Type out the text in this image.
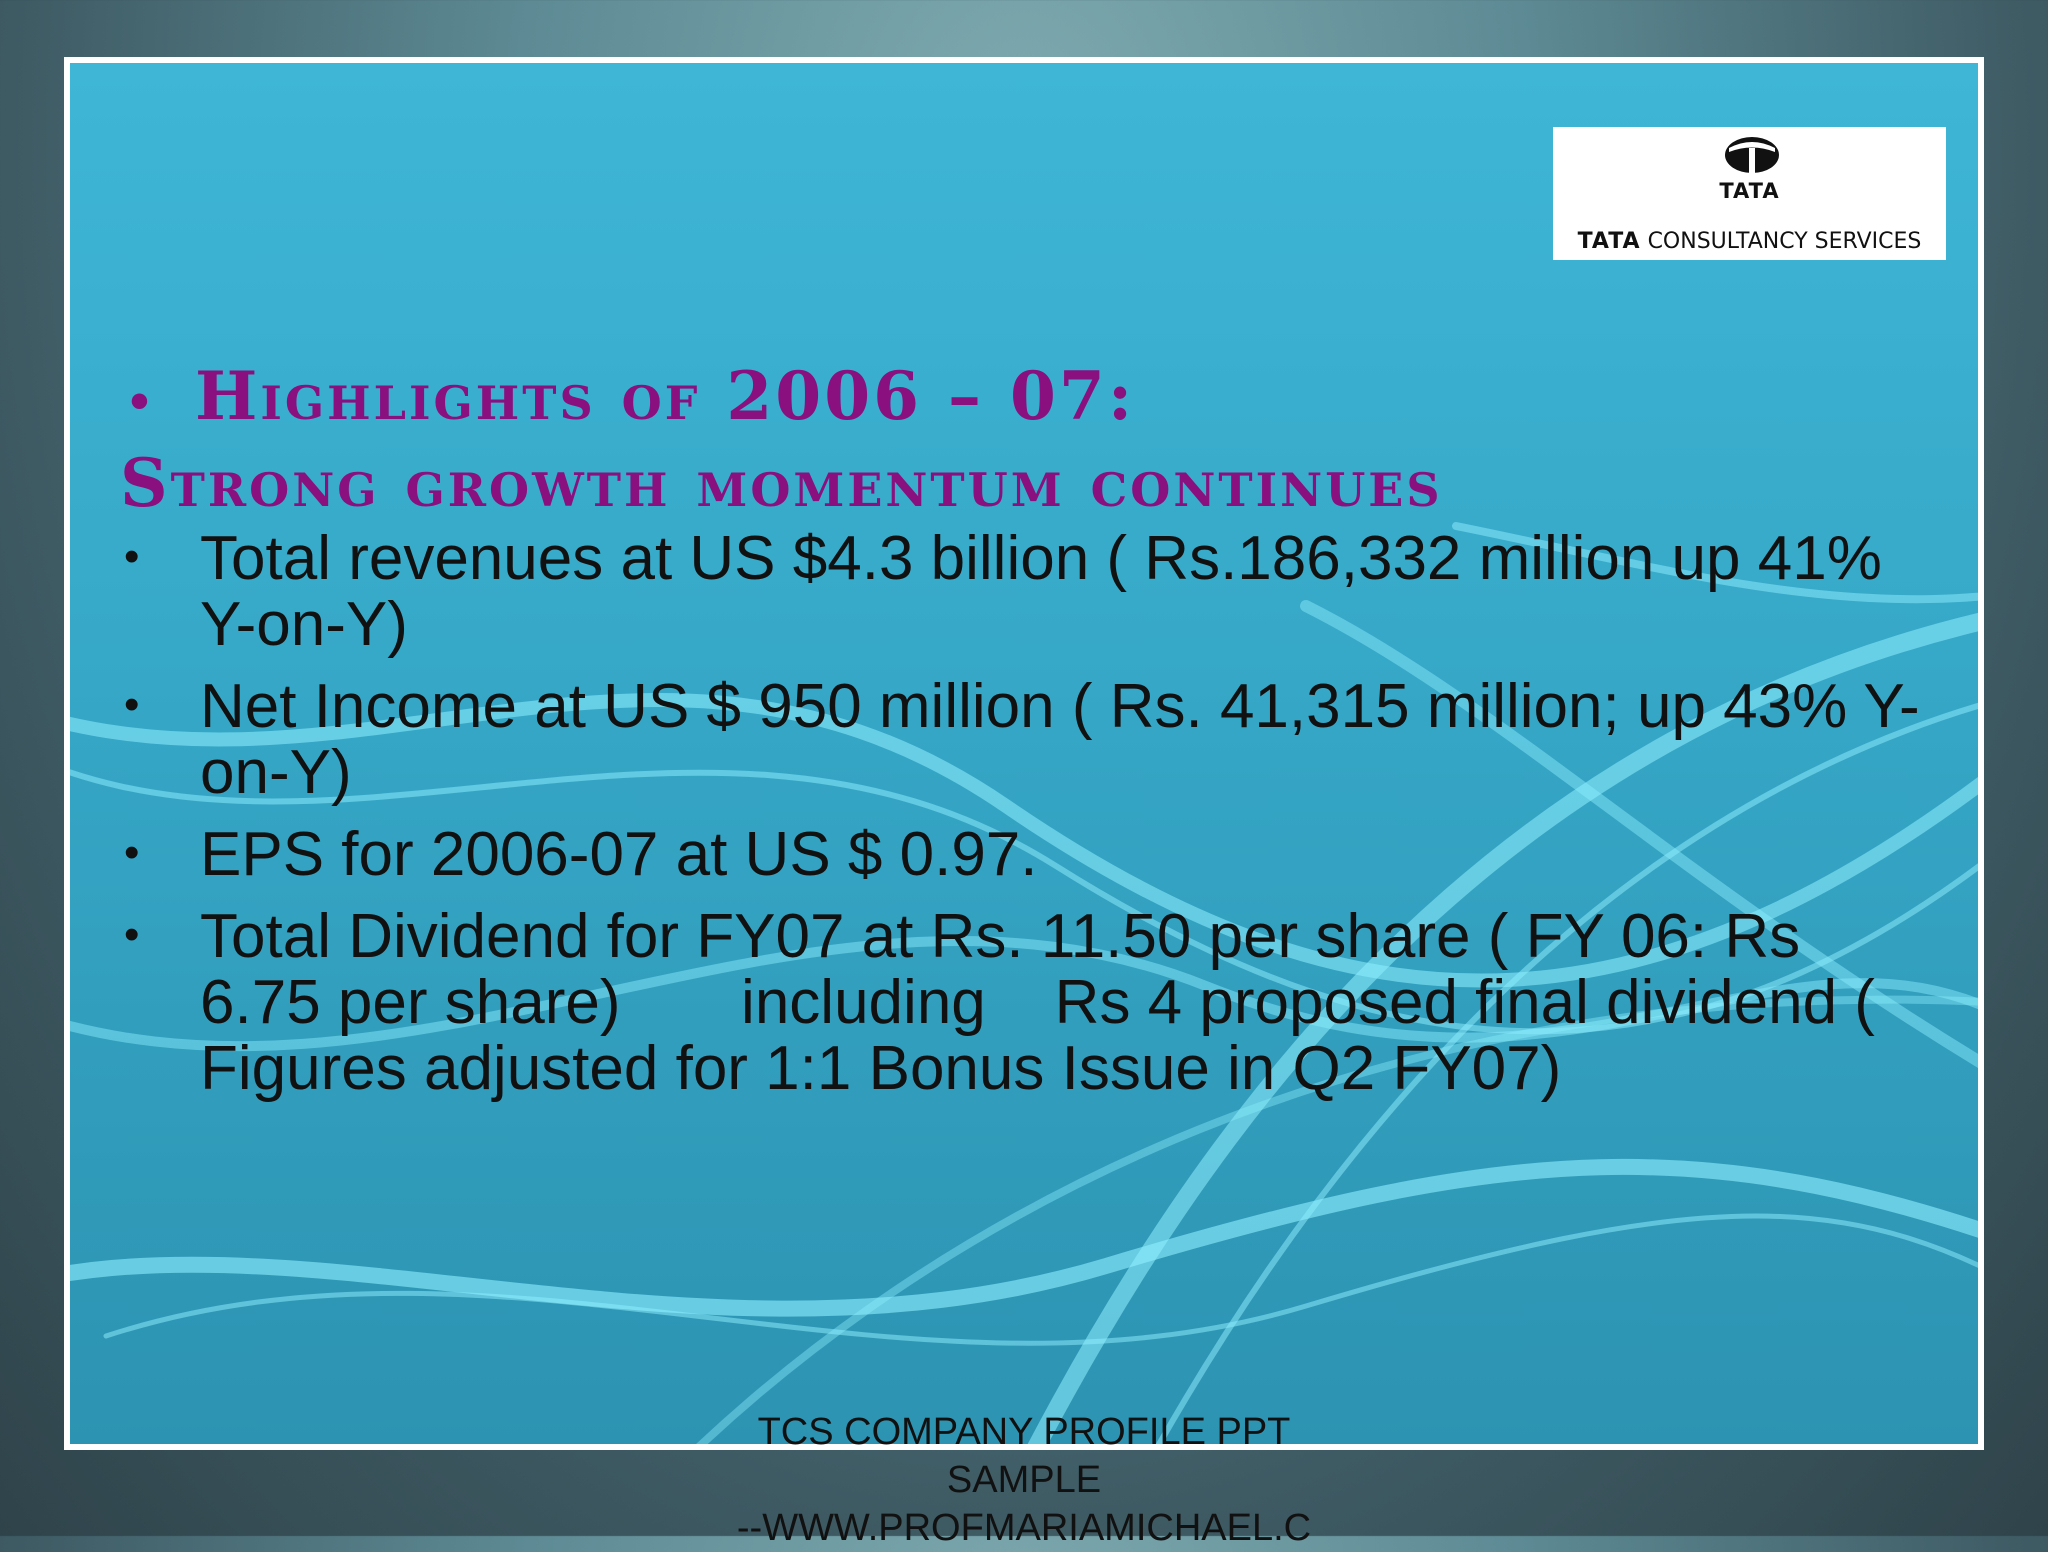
TATA
TATA CONSULTANCY SERVICES
• Highlights of 2006 – 07:
Strong growth momentum continues
• Total revenues at US $4.3 billion ( Rs.186,332 million up 41% Y-on-Y)
• Net Income at US $ 950 million ( Rs. 41,315 million; up 43% Y-on-Y)
• EPS for 2006-07 at US $ 0.97.
• Total Dividend for FY07 at Rs. 11.50 per share ( FY 06: Rs 6.75 per share)       including    Rs 4 proposed final dividend ( Figures adjusted for 1:1 Bonus Issue in Q2 FY07)
TCS COMPANY PROFILE PPT
SAMPLE
--WWW.PROFMARIAMICHAEL.C
